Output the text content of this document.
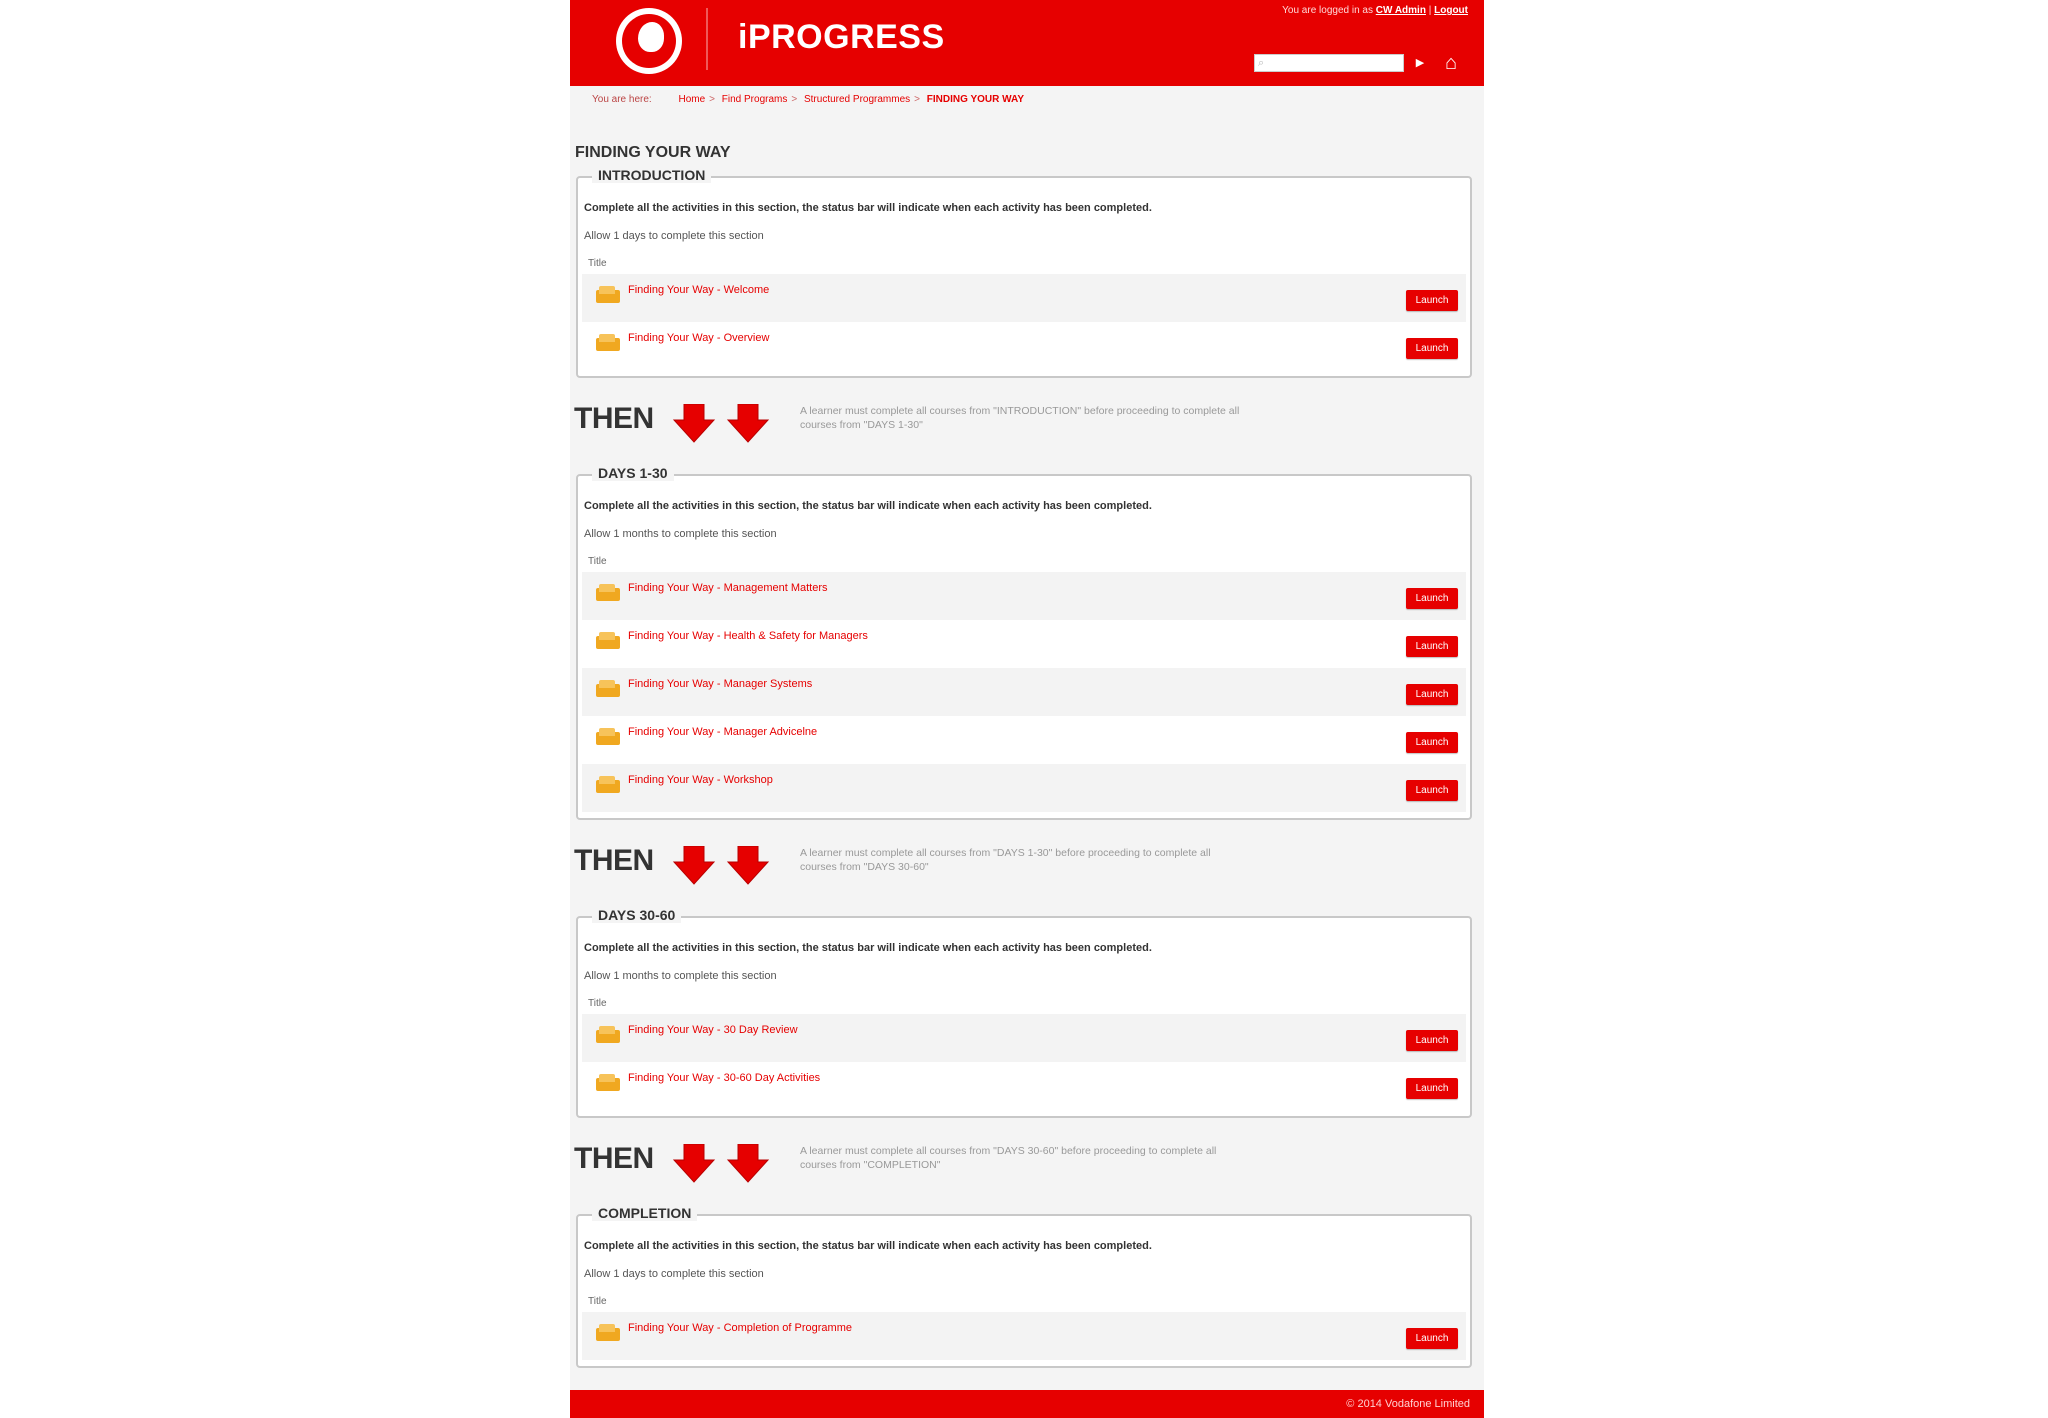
iPROGRESS
You are logged in as CW Admin | Logout
⌕	▶ ⌂
You are here:	Home > Find Programs > Structured Programmes > FINDING YOUR WAY
FINDING YOUR WAY
INTRODUCTION
Complete all the activities in this section, the status bar will indicate when each activity has been completed.
Allow 1 days to complete this section
Title
Finding Your Way - Welcome
Launch
Finding Your Way - Overview
Launch
DAYS 1-30
Complete all the activities in this section, the status bar will indicate when each activity has been completed.
Allow 1 months to complete this section
Title
Finding Your Way - Management Matters
Launch
Finding Your Way - Health & Safety for Managers
Launch
Finding Your Way - Manager Systems
Launch
Finding Your Way - Manager Advicelne
Launch
Finding Your Way - Workshop
Launch
DAYS 30-60
Complete all the activities in this section, the status bar will indicate when each activity has been completed.
Allow 1 months to complete this section
Title
Finding Your Way - 30 Day Review
Launch
Finding Your Way - 30-60 Day Activities
Launch
COMPLETION
Complete all the activities in this section, the status bar will indicate when each activity has been completed.
Allow 1 days to complete this section
Title
Finding Your Way - Completion of Programme
Launch
THEN	A learner must complete all courses from "INTRODUCTION" before proceeding to complete all courses from "DAYS 1-30"
THEN	A learner must complete all courses from "DAYS 1-30" before proceeding to complete all courses from "DAYS 30-60"
THEN	A learner must complete all courses from "DAYS 30-60" before proceeding to complete all courses from "COMPLETION"
© 2014 Vodafone Limited
